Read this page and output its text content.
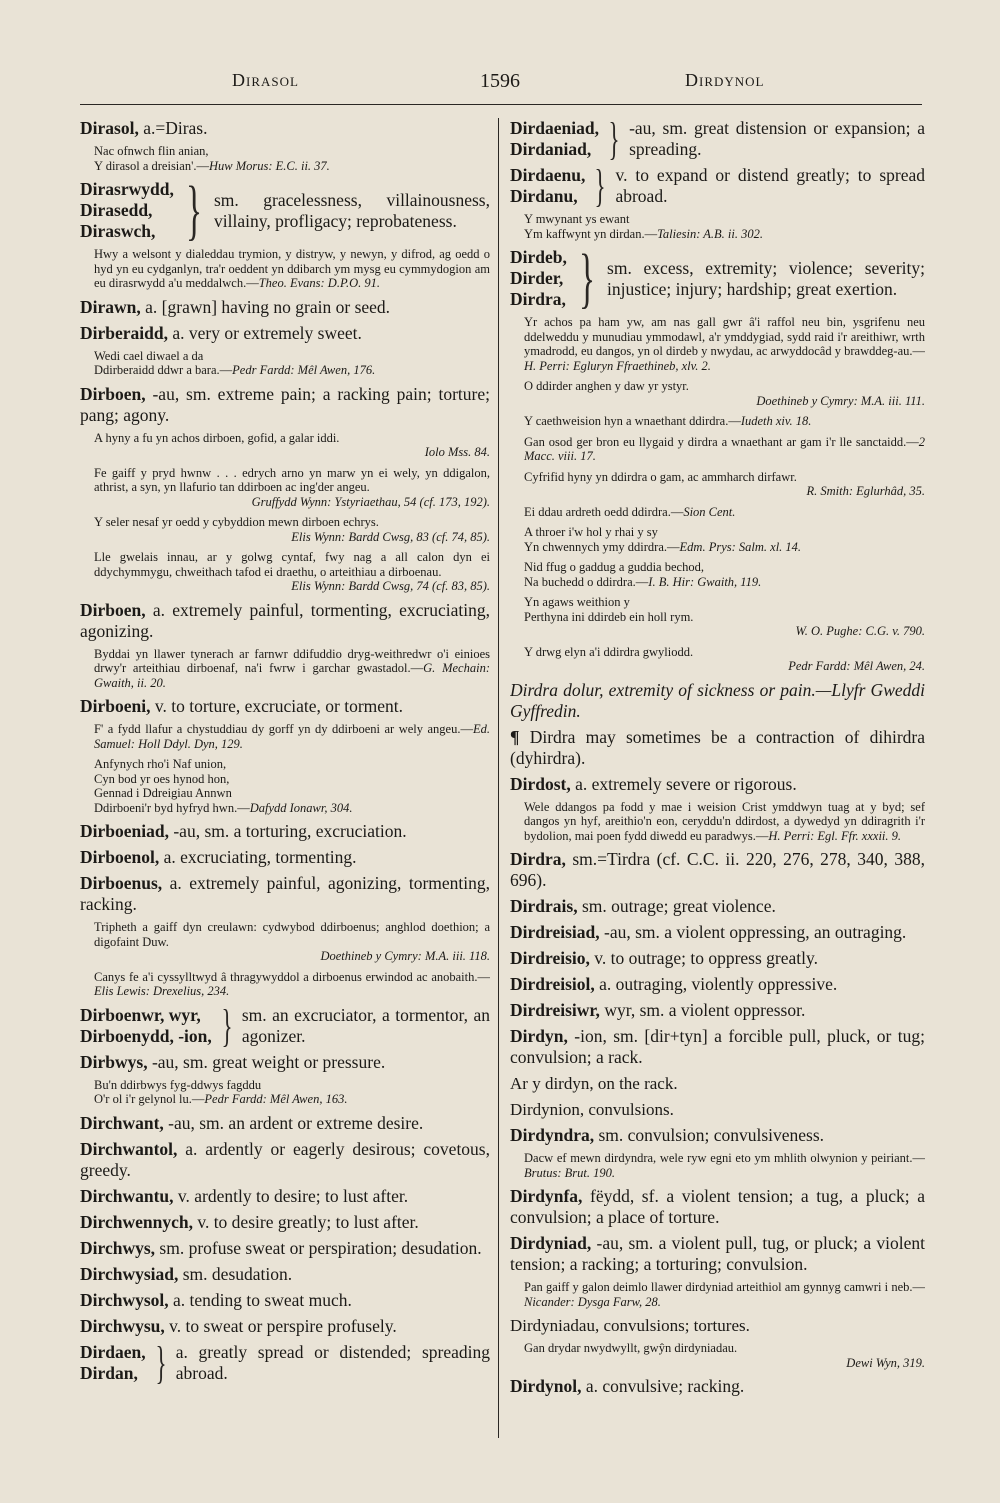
Dirasol	1596	Dirdynol
Dirasol, a.=Diras.
Nac ofnwch flin anian,
Y dirasol a dreisian'.—Huw Morus: E.C. ii. 37.
Dirasrwydd,
Dirasedd,
Diraswch, } sm. gracelessness, villainousness, villainy, profligacy; reprobateness.
Hwy a welsont y dialeddau trymion, y distryw, y newyn, y difrod, ag oedd o hyd yn eu cydganlyn, tra'r oeddent yn ddibarch ym mysg eu cymmydogion am eu dirasrwydd a'u meddalwch.—Theo. Evans: D.P.O. 91.
Dirawn, a. [grawn] having no grain or seed.
Dirberaidd, a. very or extremely sweet.
Wedi cael diwael a da
Ddirberaidd ddwr a bara.—Pedr Fardd: Mêl Awen, 176.
Dirboen, -au, sm. extreme pain; a racking pain; torture; pang; agony.
A hyny a fu yn achos dirboen, gofid, a galar iddi.
Iolo Mss. 84.
Fe gaiff y pryd hwnw . . . edrych arno yn marw yn ei wely, yn ddigalon, athrist, a syn, yn llafurio tan ddirboen ac ing'der angeu.
Gruffydd Wynn: Ystyriaethau, 54 (cf. 173, 192).
Y seler nesaf yr oedd y cybyddion mewn dirboen echrys.
Elis Wynn: Bardd Cwsg, 83 (cf. 74, 85).
Lle gwelais innau, ar y golwg cyntaf, fwy nag a all calon dyn ei ddychymmygu, chweithach tafod ei draethu, o arteithiau a dirboenau.
Elis Wynn: Bardd Cwsg, 74 (cf. 83, 85).
Dirboen, a. extremely painful, tormenting, excruciating, agonizing.
Byddai yn llawer tynerach ar farnwr ddifuddio dryg-weithredwr o'i einioes drwy'r arteithiau dirboenaf, na'i fwrw i garchar gwastadol.—G. Mechain: Gwaith, ii. 20.
Dirboeni, v. to torture, excruciate, or torment.
F' a fydd llafur a chystuddiau dy gorff yn dy ddirboeni ar wely angeu.—Ed. Samuel: Holl Ddyl. Dyn, 129.
Anfynych rho'i Naf union,
Cyn bod yr oes hynod hon,
Gennad i Ddreigiau Annwn
Ddirboeni'r byd hyfryd hwn.—Dafydd Ionawr, 304.
Dirboeniad, -au, sm. a torturing, excruciation.
Dirboenol, a. excruciating, tormenting.
Dirboenus, a. extremely painful, agonizing, tormenting, racking.
Tripheth a gaiff dyn creulawn: cydwybod ddirboenus; anghlod doethion; a digofaint Duw.
Doethineb y Cymry: M.A. iii. 118.
Canys fe a'i cyssylltwyd â thragywyddol a dirboenus erwindod ac anobaith.—Elis Lewis: Drexelius, 234.
Dirboenwr, wyr,
Dirboenydd, -ion, } sm. an excruciator, a tormentor, an agonizer.
Dirbwys, -au, sm. great weight or pressure.
Bu'n ddirbwys fyg-ddwys fagddu
O'r ol i'r gelynol lu.—Pedr Fardd: Mêl Awen, 163.
Dirchwant, -au, sm. an ardent or extreme desire.
Dirchwantol, a. ardently or eagerly desirous; covetous, greedy.
Dirchwantu, v. ardently to desire; to lust after.
Dirchwennych, v. to desire greatly; to lust after.
Dirchwys, sm. profuse sweat or perspiration; desudation.
Dirchwysiad, sm. desudation.
Dirchwysol, a. tending to sweat much.
Dirchwysu, v. to sweat or perspire profusely.
Dirdaen,
Dirdan, } a. greatly spread or distended; spreading abroad.
Dirdaeniad,
Dirdaniad, } -au, sm. great distension or expansion; a spreading.
Dirdaenu,
Dirdanu, } v. to expand or distend greatly; to spread abroad.
Y mwynant ys ewant
Ym kaffwynt yn dirdan.—Taliesin: A.B. ii. 302.
Dirdeb,
Dirder,
Dirdra, } sm. excess, extremity; violence; severity; injustice; injury; hardship; great exertion.
Yr achos pa ham yw, am nas gall gwr â'i raffol neu bin, ysgrifenu neu ddelweddu y munudiau ymmodawl, a'r ymddygiad, sydd raid i'r areithiwr, wrth ymadrodd, eu dangos, yn ol dirdeb y nwydau, ac arwyddocâd y brawddeg-au.—H. Perri: Egluryn Ffraethineb, xlv. 2.
O ddirder anghen y daw yr ystyr.
Doethineb y Cymry: M.A. iii. 111.
Y caethweision hyn a wnaethant ddirdra.—Iudeth xiv. 18.
Gan osod ger bron eu llygaid y dirdra a wnaethant ar gam i'r lle sanctaidd.—2 Macc. viii. 17.
Cyfrifid hyny yn ddirdra o gam, ac ammharch dirfawr.
R. Smith: Eglurhâd, 35.
Ei ddau ardreth oedd ddirdra.—Sion Cent.
A throer i'w hol y rhai y sy
Yn chwennych ymy ddirdra.—Edm. Prys: Salm. xl. 14.
Nid ffug o gaddug a guddia bechod,
Na buchedd o ddirdra.—I. B. Hir: Gwaith, 119.
Yn agaws weithion y
Perthyna ini ddirdeb ein holl rym.
W. O. Pughe: C.G. v. 790.
Y drwg elyn a'i ddirdra gwyliodd.
Pedr Fardd: Mêl Awen, 24.
Dirdra dolur, extremity of sickness or pain.—Llyfr Gweddi Gyffredin.
¶ Dirdra may sometimes be a contraction of dihirdra (dyhirdra).
Dirdost, a. extremely severe or rigorous.
Wele ddangos pa fodd y mae i weision Crist ymddwyn tuag at y byd; sef dangos yn hyf, areithio'n eon, ceryddu'n ddirdost, a dywedyd yn ddiragrith i'r bydolion, mai poen fydd diwedd eu paradwys.—H. Perri: Egl. Ffr. xxxii. 9.
Dirdra, sm.=Tirdra (cf. C.C. ii. 220, 276, 278, 340, 388, 696).
Dirdrais, sm. outrage; great violence.
Dirdreisiad, -au, sm. a violent oppressing, an outraging.
Dirdreisio, v. to outrage; to oppress greatly.
Dirdreisiol, a. outraging, violently oppressive.
Dirdreisiwr, wyr, sm. a violent oppressor.
Dirdyn, -ion, sm. [dir+tyn] a forcible pull, pluck, or tug; convulsion; a rack.
Ar y dirdyn, on the rack.
Dirdynion, convulsions.
Dirdyndra, sm. convulsion; convulsiveness.
Dacw ef mewn dirdyndra, wele ryw egni eto ym mhlith olwynion y peiriant.—Brutus: Brut. 190.
Dirdynfa, fëydd, sf. a violent tension; a tug, a pluck; a convulsion; a place of torture.
Dirdyniad, -au, sm. a violent pull, tug, or pluck; a violent tension; a racking; a torturing; convulsion.
Pan gaiff y galon deimlo llawer dirdyniad arteithiol am gynnyg camwri i neb.—Nicander: Dysga Farw, 28.
Dirdyniadau, convulsions; tortures.
Gan drydar nwydwyllt, gwŷn dirdyniadau.
Dewi Wyn, 319.
Dirdynol, a. convulsive; racking.
